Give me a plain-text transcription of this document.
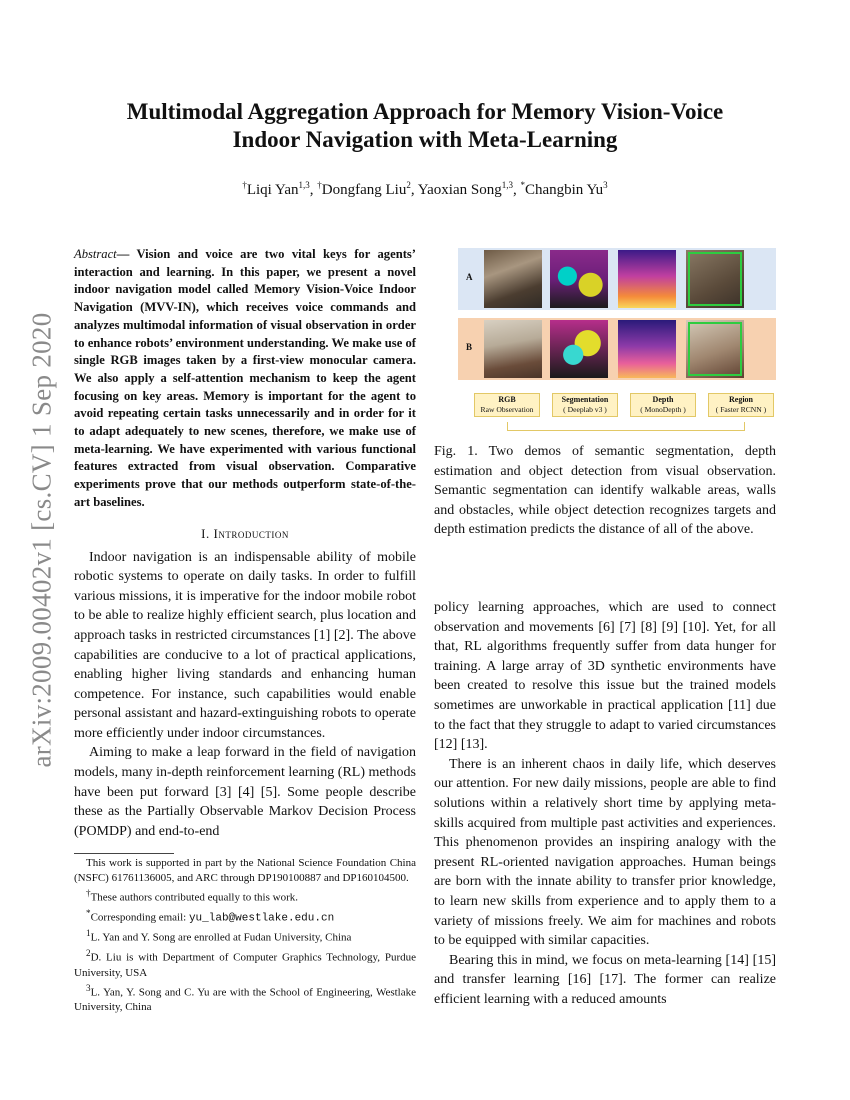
arXiv:2009.00402v1 [cs.CV] 1 Sep 2020
Multimodal Aggregation Approach for Memory Vision-Voice
Indoor Navigation with Meta-Learning
†Liqi Yan$^{1,3}$, †Dongfang Liu$^2$, Yaoxian Song$^{1,3}$, *Changbin Yu$^3$

Abstract— Vision and voice are two vital keys for agents’ interaction and learning. In this paper, we present a novel indoor navigation model called Memory Vision-Voice Indoor Navigation (MVV-IN), which receives voice commands and analyzes multimodal information of visual observation in order to enhance robots’ environment understanding. We make use of single RGB images taken by a first-view monocular camera. We also apply a self-attention mechanism to keep the agent focusing on key areas. Memory is important for the agent to avoid repeating certain tasks unnecessarily and in order for it to adapt adequately to new scenes, therefore, we make use of meta-learning. We have experimented with various functional features extracted from visual observation. Comparative experiments prove that our methods outperform state-of-the-art baselines.

I. Introduction

Indoor navigation is an indispensable ability of mobile robotic systems to operate on daily tasks. In order to fulfill various missions, it is imperative for the indoor mobile robot to be able to realize highly efficient search, plus location and approach tasks in restricted circumstances [1] [2]. The above capabilities are conducive to a lot of practical applications, enabling higher living standards and enhancing human competence. For instance, such capabilities would enable personal assistant and hazard-extinguishing robots to operate more efficiently under indoor circumstances.

Aiming to make a leap forward in the field of navigation models, many in-depth reinforcement learning (RL) methods have been put forward [3] [4] [5]. Some people describe these as the Partially Observable Markov Decision Process (POMDP) and end-to-end

This work is supported in part by the National Science Foundation China (NSFC) 61761136005, and ARC through DP190100887 and DP160104500.

†These authors contributed equally to this work.

*Corresponding email: yu_lab@westlake.edu.cn

$^1$L. Yan and Y. Song are enrolled at Fudan University, China

$^2$D. Liu is with Department of Computer Graphics Technology, Purdue University, USA

$^3$L. Yan, Y. Song and C. Yu are with the School of Engineering, Westlake University, China

A
B
RGB
Raw Observation
Segmentation
( Deeplab v3 )
Depth
( MonoDepth )
Region
( Faster RCNN )
Fig. 1. Two demos of semantic segmentation, depth estimation and object detection from visual observation. Semantic segmentation can identify walkable areas, walls and obstacles, while object detection recognizes targets and depth estimation predicts the distance of all of the above.

policy learning approaches, which are used to connect observation and movements [6] [7] [8] [9] [10]. Yet, for all that, RL algorithms frequently suffer from data hunger for training. A large array of 3D synthetic environments have been created to resolve this issue but the trained models sometimes are unworkable in practical application [11] due to the fact that they struggle to adapt to varied circumstances [12] [13].

There is an inherent chaos in daily life, which deserves our attention. For new daily missions, people are able to find solutions within a relatively short time by applying meta-skills acquired from multiple past activities and experiences. This phenomenon provides an inspiring analogy with the present RL-oriented navigation approaches. Human beings are born with the innate ability to transfer prior knowledge, to learn new skills from experience and to apply them to a variety of missions freely. We aim for machines and robots to be equipped with similar capacities.

Bearing this in mind, we focus on meta-learning [14] [15] and transfer learning [16] [17]. The former can realize efficient learning with a reduced amounts
